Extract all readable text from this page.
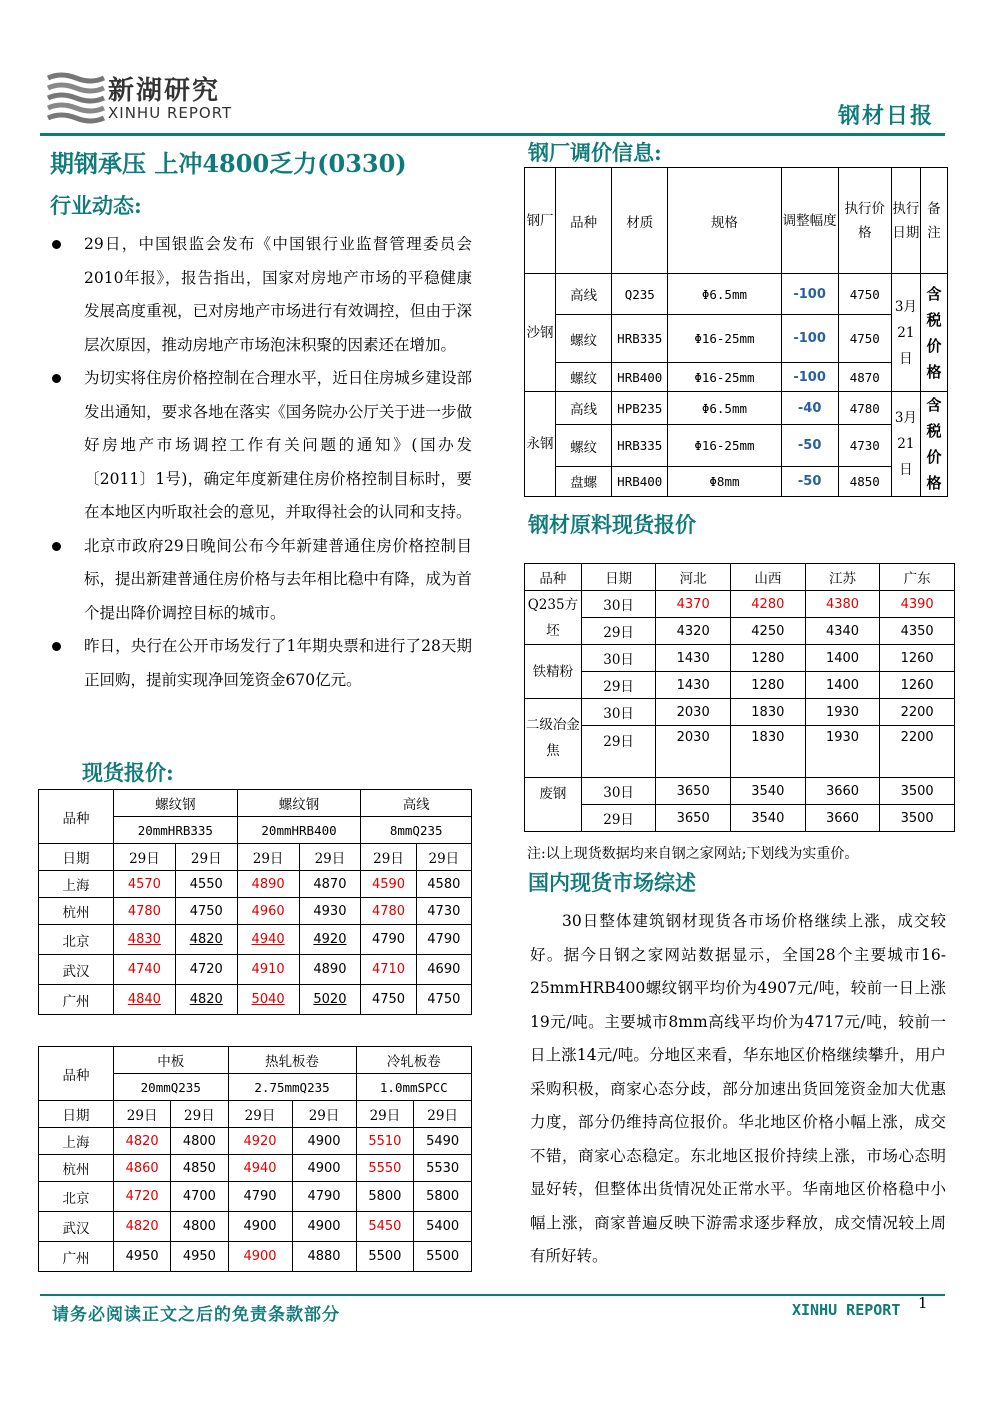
新湖研究
XINHU REPORT	钢材日报
期钢承压 上冲4800乏力(0330)
行业动态:
29日，中国银监会发布《中国银行业监督管理委员会2010年报》，报告指出，国家对房地产市场的平稳健康发展高度重视，已对房地产市场进行有效调控，但由于深层次原因，推动房地产市场泡沫积聚的因素还在增加。
为切实将住房价格控制在合理水平，近日住房城乡建设部发出通知，要求各地在落实《国务院办公厅关于进一步做好房地产市场调控工作有关问题的通知》(国办发〔2011〕1号)，确定年度新建住房价格控制目标时，要在本地区内听取社会的意见，并取得社会的认同和支持。
北京市政府29日晚间公布今年新建普通住房价格控制目标，提出新建普通住房价格与去年相比稳中有降，成为首个提出降价调控目标的城市。
昨日，央行在公开市场发行了1年期央票和进行了28天期正回购，提前实现净回笼资金670亿元。
现货报价:
品种	螺纹钢		螺纹钢		高线	
	20mmHRB335		20mmHRB400		8mmQ235	
日期	29日	29日	29日	29日	29日	29日
上海	4570	4550	4890	4870	4590	4580
杭州	4780	4750	4960	4930	4780	4730
北京	4830	4820	4940	4920	4790	4790
武汉	4740	4720	4910	4890	4710	4690
广州	4840	4820	5040	5020	4750	4750
品种	中板		热轧板卷		冷轧板卷	
	20mmQ235		2.75mmQ235		1.0mmSPCC	
日期	29日	29日	29日	29日	29日	29日
上海	4820	4800	4920	4900	5510	5490
杭州	4860	4850	4940	4900	5550	5530
北京	4720	4700	4790	4790	5800	5800
武汉	4820	4800	4900	4900	5450	5400
广州	4950	4950	4900	4880	5500	5500
钢厂调价信息:
钢厂	品种	材质	规格	调整幅度	执行价格	执行日期	备注
沙钢	高线	Q235	Φ6.5mm	-100	4750	3月21日	含税价格
	螺纹	HRB335	Φ16-25mm	-100	4750		
	螺纹	HRB400	Φ16-25mm	-100	4870		
永钢	高线	HPB235	Φ6.5mm	-40	4780	3月21日	含税价格
	螺纹	HRB335	Φ16-25mm	-50	4730		
	盘螺	HRB400	Φ8mm	-50	4850		
钢材原料现货报价
品种	日期	河北	山西	江苏	广东
Q235方坯	30日	4370	4280	4380	4390
	29日	4320	4250	4340	4350
铁精粉	30日	1430	1280	1400	1260
	29日	1430	1280	1400	1260
二级冶金焦	30日	2030	1830	1930	2200
	29日	2030	1830	1930	2200
废钢	30日	3650	3540	3660	3500
	29日	3650	3540	3660	3500
注:以上现货数据均来自钢之家网站;下划线为实重价。
国内现货市场综述
30日整体建筑钢材现货各市场价格继续上涨，成交较好。据今日钢之家网站数据显示，全国28个主要城市16-25mmHRB400螺纹钢平均价为4907元/吨，较前一日上涨19元/吨。主要城市8mm高线平均价为4717元/吨，较前一日上涨14元/吨。分地区来看，华东地区价格继续攀升，用户采购积极，商家心态分歧，部分加速出货回笼资金加大优惠力度，部分仍维持高位报价。华北地区价格小幅上涨，成交不错，商家心态稳定。东北地区报价持续上涨，市场心态明显好转，但整体出货情况处正常水平。华南地区价格稳中小幅上涨，商家普遍反映下游需求逐步释放，成交情况较上周有所好转。
请务必阅读正文之后的免责条款部分	XINHU REPORT 1
